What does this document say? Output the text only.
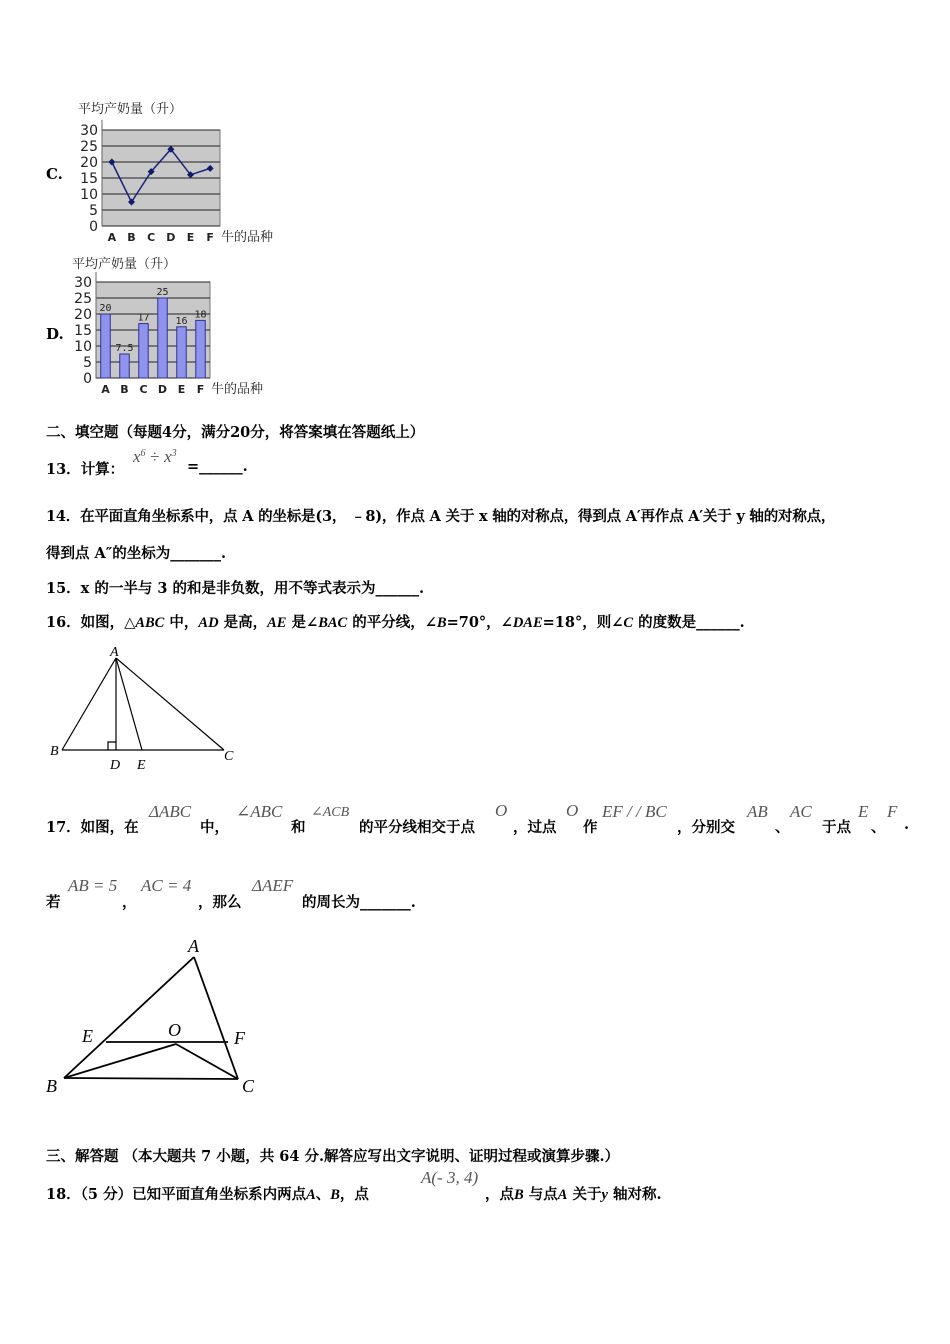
C.
30
25
20
15
10
5
0
平均产奶量（升）
A B C D E F 牛的品种
D.
30
25
20
15
10
5
0
平均产奶量（升）
A B C D E F 牛的品种
20
7.5
17
25
16
18
二、填空题（每题4分，满分20分，将答案填在答题纸上）
13．计算：
$x^6 \div x^3$
=______.
14．在平面直角坐标系中，点 A 的坐标是(3， ﹣8)，作点 A 关于 x 轴的对称点，得到点 A′再作点 A′关于 y 轴的对称点，
得到点 A″的坐标为_______.
15．x 的一半与 3 的和是非负数，用不等式表示为______.
16．如图，△ABC 中，AD 是高，AE 是∠BAC 的平分线，∠B=70°，∠DAE=18°，则∠C 的度数是______.
A
B	C
D E
17．如图，在
ΔABC
中，
∠ABC
和
∠ACB
的平分线相交于点
O
，过点
O
作
EF / / BC
，分别交
AB
、
AC
于点
E
、
F
.
若
AB = 5
，
AC = 4
，那么
ΔAEF
的周长为_______.
A
B	C
E	F
O
三、解答题 （本大题共 7 小题，共 64 分.解答应写出文字说明、证明过程或演算步骤.）
18．（5 分）已知平面直角坐标系内两点A、B，点
A(- 3, 4)
，点B 与点A 关于y 轴对称.
